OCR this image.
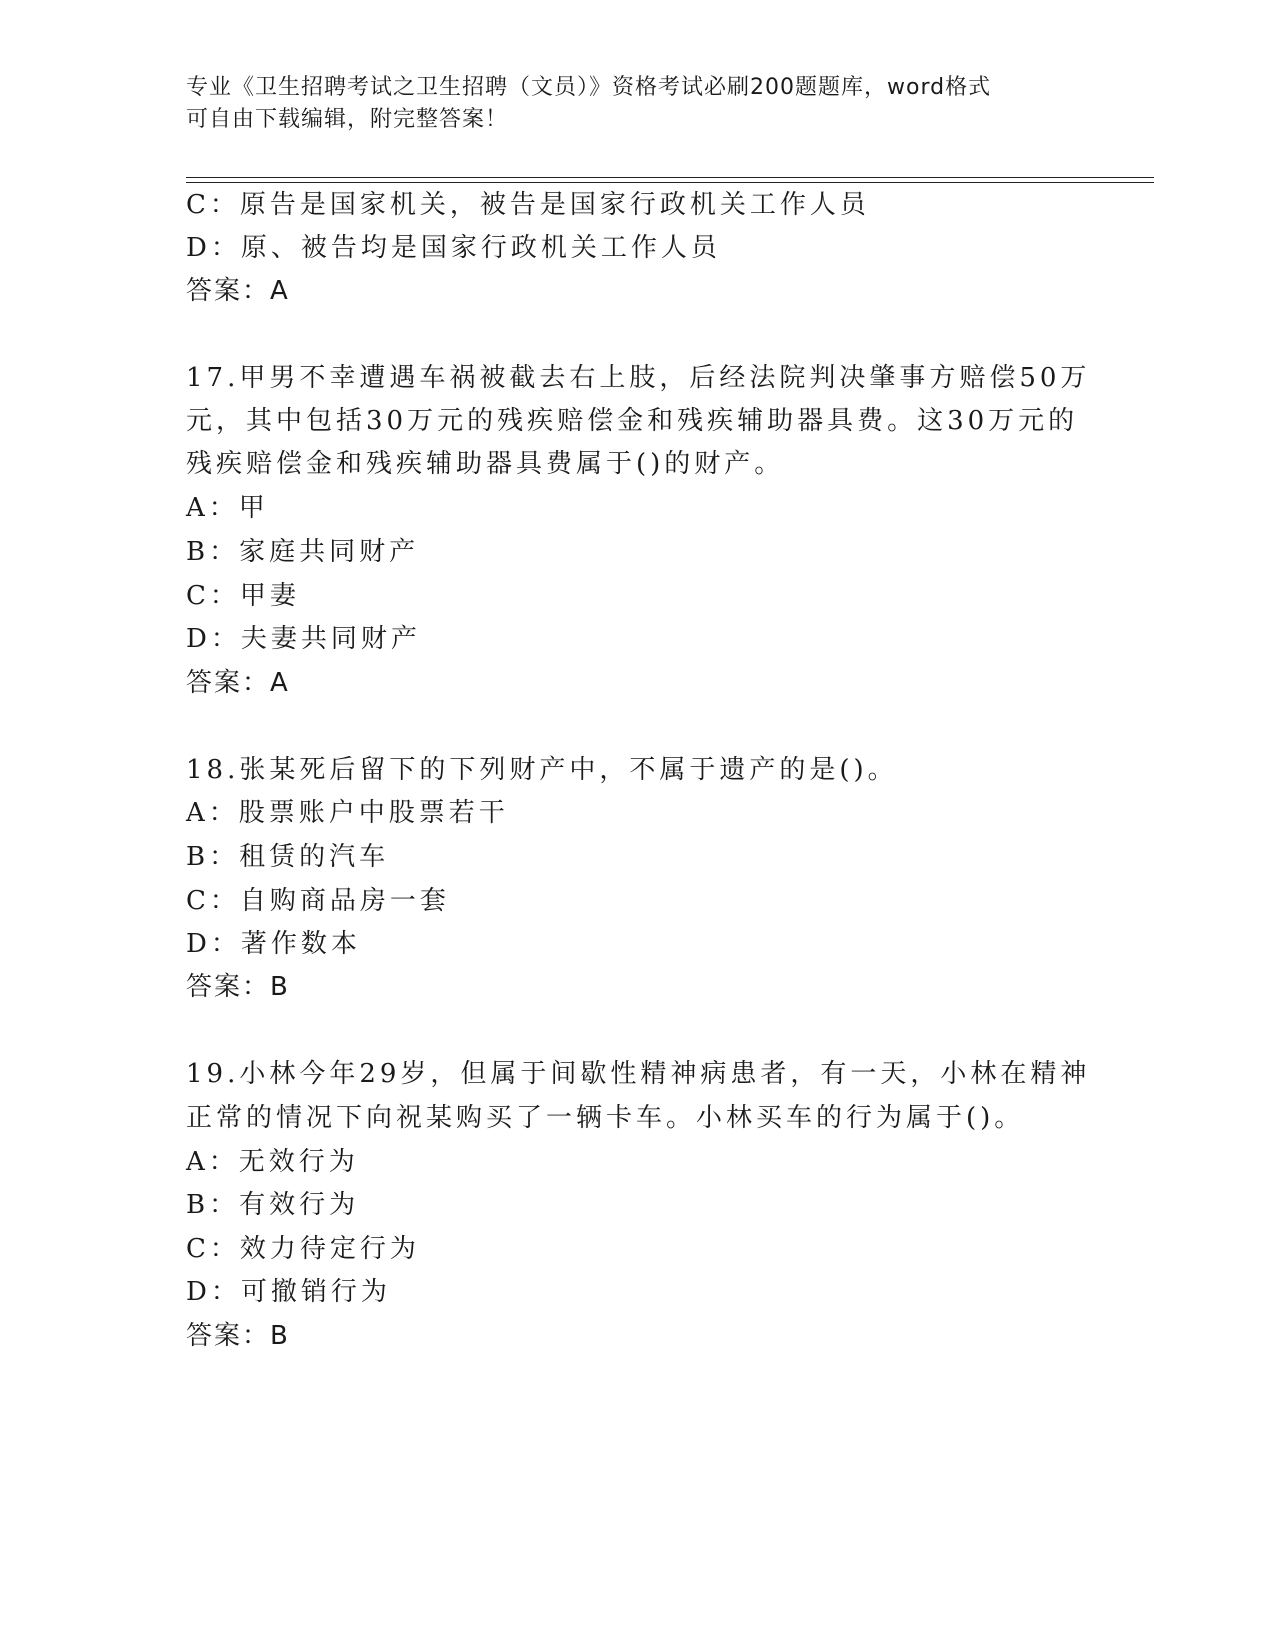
专业《卫生招聘考试之卫生招聘（文员）》资格考试必刷200题题库，word格式
可自由下载编辑，附完整答案！
C：原告是国家机关，被告是国家行政机关工作人员
D：原、被告均是国家行政机关工作人员
答案：A
17.甲男不幸遭遇车祸被截去右上肢，后经法院判决肇事方赔偿50万
元，其中包括30万元的残疾赔偿金和残疾辅助器具费。这30万元的
残疾赔偿金和残疾辅助器具费属于()的财产。
A：甲
B：家庭共同财产
C：甲妻
D：夫妻共同财产
答案：A
18.张某死后留下的下列财产中，不属于遗产的是()。
A：股票账户中股票若干
B：租赁的汽车
C：自购商品房一套
D：著作数本
答案：B
19.小林今年29岁，但属于间歇性精神病患者，有一天，小林在精神
正常的情况下向祝某购买了一辆卡车。小林买车的行为属于()。
A：无效行为
B：有效行为
C：效力待定行为
D：可撤销行为
答案：B
